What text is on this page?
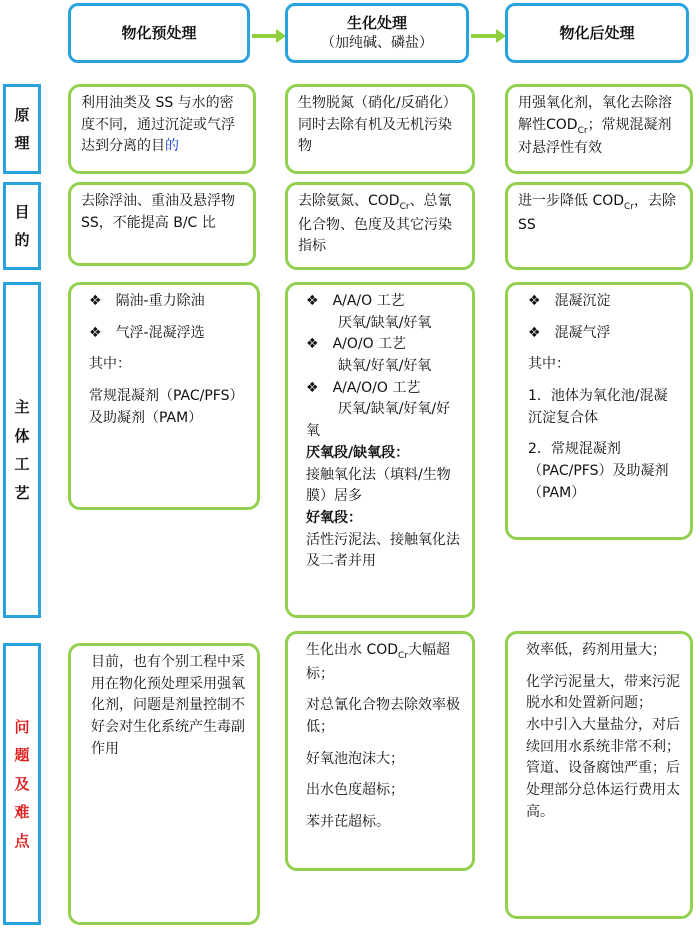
物化预处理
生化处理
（加纯碱、磷盐）
物化后处理
原
理
目
的
主
体
工
艺
问
题
及
难
点

利用油类及 SS 与水的密度不同，通过沉淀或气浮达到分离的目的

生物脱氮（硝化/反硝化）同时去除有机及无机污染物

用强氧化剂，氧化去除溶解性$COD_{Cr}$；常规混凝剂对悬浮性有效

去除浮油、重油及悬浮物 SS，不能提高 B/C 比

去除氨氮、$COD_{Cr}$、总氰化合物、色度及其它污染指标

进一步降低 $COD_{Cr}$，去除 SS

❖ 隔油-重力除油

❖ 气浮-混凝浮选

其中：

常规混凝剂（PAC/PFS）及助凝剂（PAM）

❖ A/A/O 工艺

厌氧/缺氧/好氧

❖ A/O/O 工艺

缺氧/好氧/好氧

❖ A/A/O/O 工艺

厌氧/缺氧/好氧/好氧

厌氧段/缺氧段：

接触氧化法（填料/生物膜）居多

好氧段：

活性污泥法、接触氧化法及二者并用

❖ 混凝沉淀

❖ 混凝气浮

其中：

1．池体为氧化池/混凝沉淀复合体

2．常规混凝剂（PAC/PFS）及助凝剂（PAM）

目前，也有个别工程中采用在物化预处理采用强氧化剂，问题是剂量控制不好会对生化系统产生毒副作用

生化出水 $COD_{Cr}$大幅超标；

对总氰化合物去除效率极低；

好氧池泡沫大；

出水色度超标；

苯并芘超标。

效率低，药剂用量大；

化学污泥量大，带来污泥脱水和处置新问题；

水中引入大量盐分，对后续回用水系统非常不利；

管道、设备腐蚀严重；后处理部分总体运行费用太高。
